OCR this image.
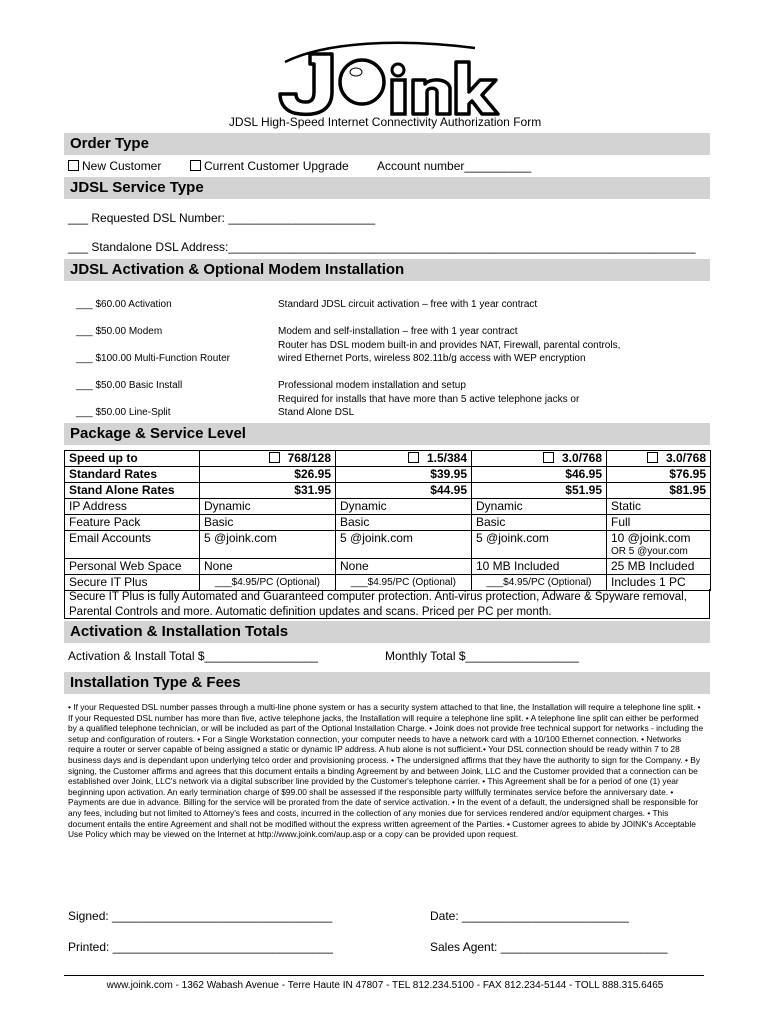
JDSL High-Speed Internet Connectivity Authorization Form
Order Type
New Customer	Current Customer Upgrade Account number__________
JDSL Service Type
___ Requested DSL Number: ______________________
___ Standalone DSL Address:______________________________________________________________________
JDSL Activation & Optional Modem Installation
___ $60.00 Activation	Standard JDSL circuit activation – free with 1 year contract
___ $50.00 Modem	Modem and self-installation – free with 1 year contract
Router has DSL modem built-in and provides NAT, Firewall, parental controls,
___ $100.00 Multi-Function Router	wired Ethernet Ports, wireless 802.11b/g access with WEP encryption
___ $50.00 Basic Install	Professional modem installation and setup
Required for installs that have more than 5 active telephone jacks or
___ $50.00 Line-Split	Stand Alone DSL
Package & Service Level
Speed up to	768/128	1.5/384	3.0/768	3.0/768
Standard Rates	$26.95	$39.95	$46.95	$76.95
Stand Alone Rates	$31.95	$44.95	$51.95	$81.95
IP Address	Dynamic	Dynamic	Dynamic	Static
Feature Pack	Basic	Basic	Basic	Full
Email Accounts	5 @joink.com	5 @joink.com	5 @joink.com	10 @joink.com
				OR 5 @your.com
Personal Web Space	None	None	10 MB Included	25 MB Included
Secure IT Plus	___$4.95/PC (Optional)	___$4.95/PC (Optional)	___$4.95/PC (Optional)	Includes 1 PC
Secure IT Plus is fully Automated and Guaranteed computer protection. Anti-virus protection, Adware & Spyware removal, Parental Controls and more. Automatic definition updates and scans. Priced per PC per month.
Activation & Installation Totals
Activation & Install Total $_________________	Monthly Total $_________________
Installation Type & Fees
• If your Requested DSL number passes through a multi-line phone system or has a security system attached to that line, the Installation will require a telephone line split. • If your Requested DSL number has more than five, active telephone jacks, the Installation will require a telephone line split. • A telephone line split can either be performed by a qualified telephone technician, or will be included as part of the Optional Installation Charge. • Joink does not provide free technical support for networks - including the setup and configuration of routers. • For a Single Workstation connection, your computer needs to have a network card with a 10/100 Ethernet connection. • Networks require a router or server capable of being assigned a static or dynamic IP address. A hub alone is not sufficient.• Your DSL connection should be ready within 7 to 28 business days and is dependant upon underlying telco order and provisioning process. • The undersigned affirms that they have the authority to sign for the Company. • By signing, the Customer affirms and agrees that this document entails a binding Agreement by and between Joink, LLC and the Customer provided that a connection can be established over Joink, LLC's network via a digital subscriber line provided by the Customer's telephone carrier. • This Agreement shall be for a period of one (1) year beginning upon activation. An early termination charge of $99.00 shall be assessed if the responsible party willfully terminates service before the anniversary date. • Payments are due in advance. Billing for the service will be prorated from the date of service activation. • In the event of a default, the undersigned shall be responsible for any fees, including but not limited to Attorney's fees and costs, incurred in the collection of any monies due for services rendered and/or equipment charges. • This document entails the entire Agreement and shall not be modified without the express written agreement of the Parties. • Customer agrees to abide by JOINK's Acceptable Use Policy which may be viewed on the Internet at http://www.joink.com/aup.asp or a copy can be provided upon request.
Signed: _________________________________	Date: _________________________
Printed: _________________________________	Sales Agent: _________________________
www.joink.com - 1362 Wabash Avenue - Terre Haute IN 47807 - TEL 812.234.5100 - FAX 812.234-5144 - TOLL 888.315.6465
